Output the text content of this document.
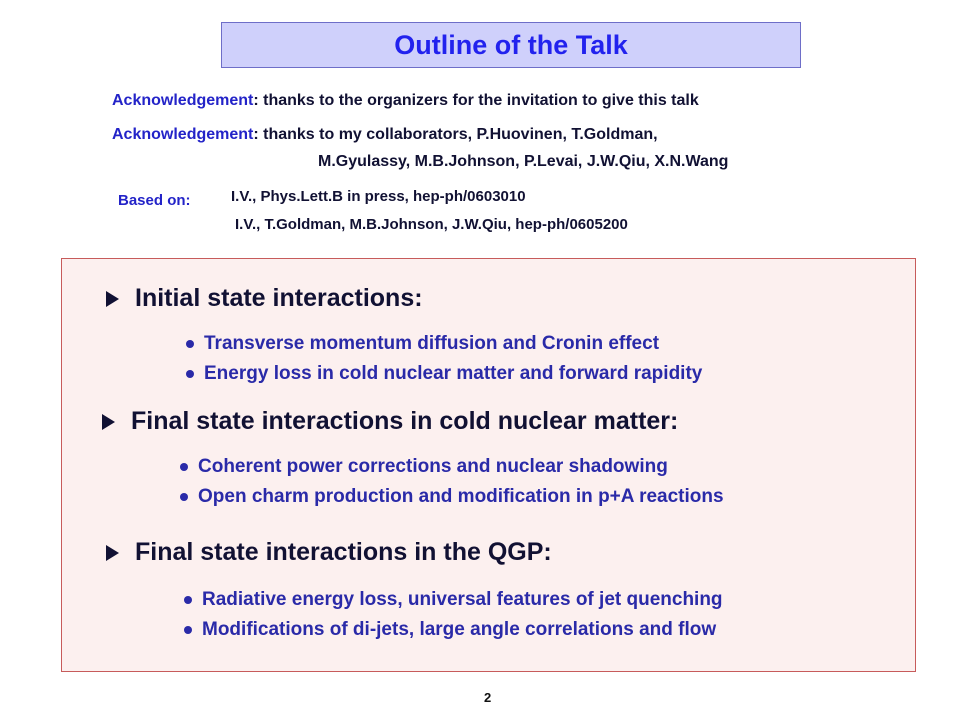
Outline of the Talk
Acknowledgement: thanks to the organizers for the invitation to give this talk
Acknowledgement: thanks to my collaborators, P.Huovinen, T.Goldman,
M.Gyulassy, M.B.Johnson, P.Levai, J.W.Qiu, X.N.Wang
Based on:	I.V., Phys.Lett.B in press, hep-ph/0603010
I.V., T.Goldman, M.B.Johnson, J.W.Qiu, hep-ph/0605200
Initial state interactions:
Transverse momentum diffusion and Cronin effect
Energy loss in cold nuclear matter and forward rapidity
Final state interactions in cold nuclear matter:
Coherent power corrections and nuclear shadowing
Open charm production and modification in p+A reactions
Final state interactions in the QGP:
Radiative energy loss, universal features of jet quenching
Modifications of di-jets, large angle correlations and flow
2
